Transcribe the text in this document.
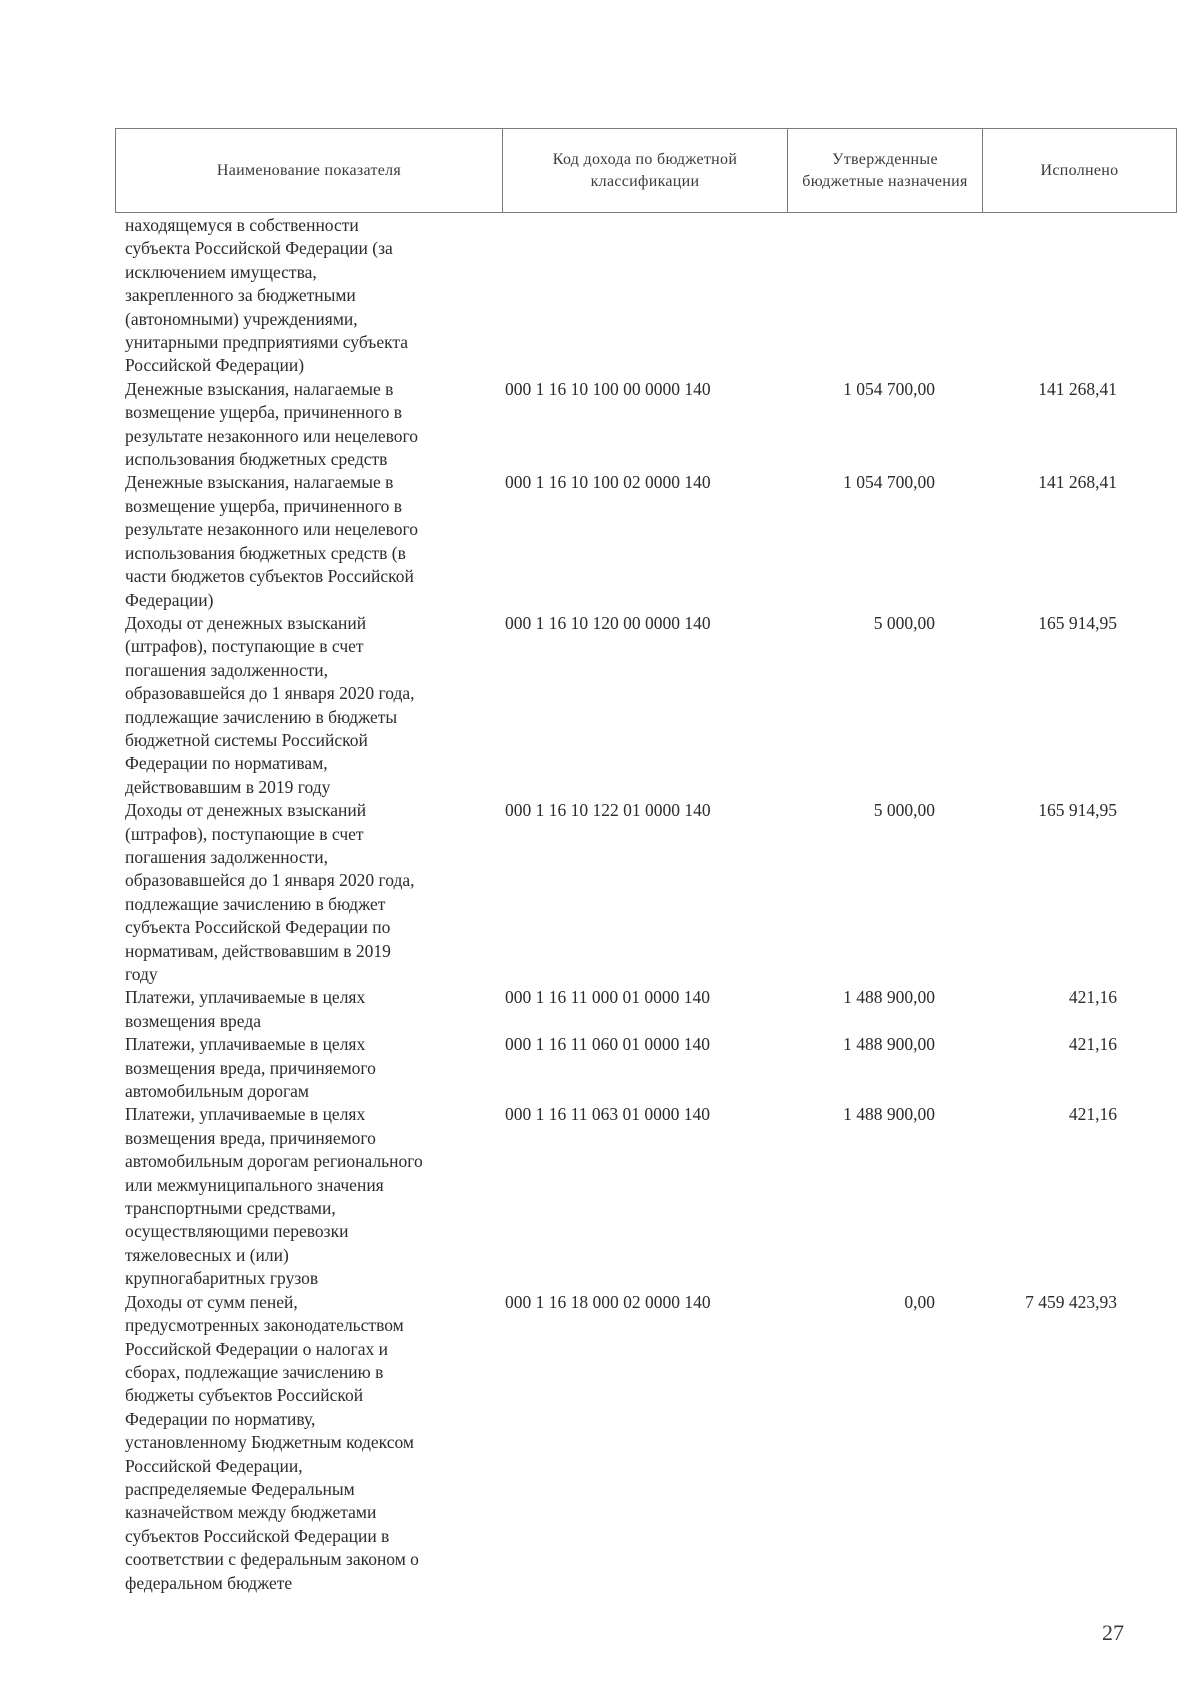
Наименование показателя	Код дохода по бюджетной классификации	Утвержденные бюджетные назначения	Исполнено
находящемуся в собственности
субъекта Российской Федерации (за
исключением имущества,
закрепленного за бюджетными
(автономными) учреждениями,
унитарными предприятиями субъекта
Российской Федерации)
Денежные взыскания, налагаемые в
возмещение ущерба, причиненного в
результате незаконного или нецелевого
использования бюджетных средств
000 1 16 10 100 00 0000 140	1 054 700,00	141 268,41
Денежные взыскания, налагаемые в
возмещение ущерба, причиненного в
результате незаконного или нецелевого
использования бюджетных средств (в
части бюджетов субъектов Российской
Федерации)
000 1 16 10 100 02 0000 140	1 054 700,00	141 268,41
Доходы от денежных взысканий
(штрафов), поступающие в счет
погашения задолженности,
образовавшейся до 1 января 2020 года,
подлежащие зачислению в бюджеты
бюджетной системы Российской
Федерации по нормативам,
действовавшим в 2019 году
000 1 16 10 120 00 0000 140	5 000,00	165 914,95
Доходы от денежных взысканий
(штрафов), поступающие в счет
погашения задолженности,
образовавшейся до 1 января 2020 года,
подлежащие зачислению в бюджет
субъекта Российской Федерации по
нормативам, действовавшим в 2019
году
000 1 16 10 122 01 0000 140	5 000,00	165 914,95
Платежи, уплачиваемые в целях
возмещения вреда
000 1 16 11 000 01 0000 140	1 488 900,00	421,16
Платежи, уплачиваемые в целях
возмещения вреда, причиняемого
автомобильным дорогам
000 1 16 11 060 01 0000 140	1 488 900,00	421,16
Платежи, уплачиваемые в целях
возмещения вреда, причиняемого
автомобильным дорогам регионального
или межмуниципального значения
транспортными средствами,
осуществляющими перевозки
тяжеловесных и (или)
крупногабаритных грузов
000 1 16 11 063 01 0000 140	1 488 900,00	421,16
Доходы от сумм пеней,
предусмотренных законодательством
Российской Федерации о налогах и
сборах, подлежащие зачислению в
бюджеты субъектов Российской
Федерации по нормативу,
установленному Бюджетным кодексом
Российской Федерации,
распределяемые Федеральным
казначейством между бюджетами
субъектов Российской Федерации в
соответствии с федеральным законом о
федеральном бюджете
000 1 16 18 000 02 0000 140	0,00	7 459 423,93
27
